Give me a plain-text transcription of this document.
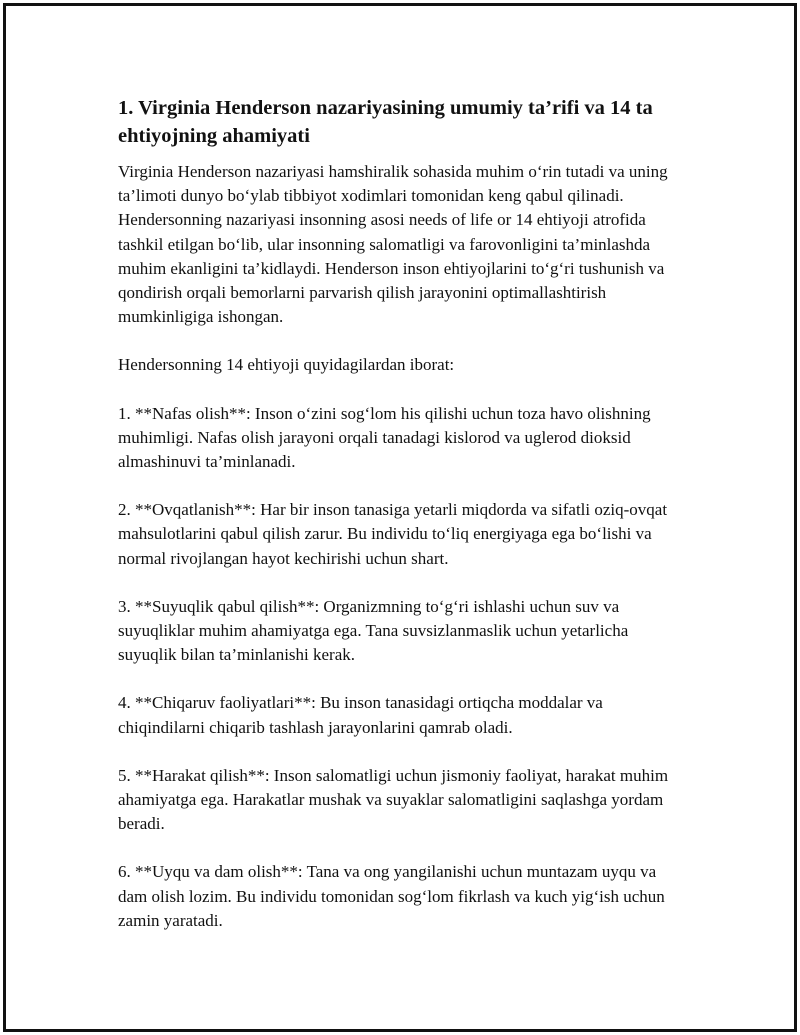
1. Virginia Henderson nazariyasining umumiy ta’rifi va 14 ta ehtiyojning ahamiyati

Virginia Henderson nazariyasi hamshiralik sohasida muhim o‘rin tutadi va uning ta’limoti dunyo bo‘ylab tibbiyot xodimlari tomonidan keng qabul qilinadi. Hendersonning nazariyasi insonning asosi needs of life or 14 ehtiyoji atrofida tashkil etilgan bo‘lib, ular insonning salomatligi va farovonligini ta’minlashda muhim ekanligini ta’kidlaydi. Henderson inson ehtiyojlarini to‘g‘ri tushunish va qondirish orqali bemorlarni parvarish qilish jarayonini optimallashtirish mumkinligiga ishongan.

Hendersonning 14 ehtiyoji quyidagilardan iborat:

1. **Nafas olish**: Inson o‘zini sog‘lom his qilishi uchun toza havo olishning muhimligi. Nafas olish jarayoni orqali tanadagi kislorod va uglerod dioksid almashinuvi ta’minlanadi.

2. **Ovqatlanish**: Har bir inson tanasiga yetarli miqdorda va sifatli oziq-ovqat mahsulotlarini qabul qilish zarur. Bu individu to‘liq energiyaga ega bo‘lishi va normal rivojlangan hayot kechirishi uchun shart.

3. **Suyuqlik qabul qilish**: Organizmning to‘g‘ri ishlashi uchun suv va suyuqliklar muhim ahamiyatga ega. Tana suvsizlanmaslik uchun yetarlicha suyuqlik bilan ta’minlanishi kerak.

4. **Chiqaruv faoliyatlari**: Bu inson tanasidagi ortiqcha moddalar va chiqindilarni chiqarib tashlash jarayonlarini qamrab oladi.

5. **Harakat qilish**: Inson salomatligi uchun jismoniy faoliyat, harakat muhim ahamiyatga ega. Harakatlar mushak va suyaklar salomatligini saqlashga yordam beradi.

6. **Uyqu va dam olish**: Tana va ong yangilanishi uchun muntazam uyqu va dam olish lozim. Bu individu tomonidan sog‘lom fikrlash va kuch yig‘ish uchun zamin yaratadi.
